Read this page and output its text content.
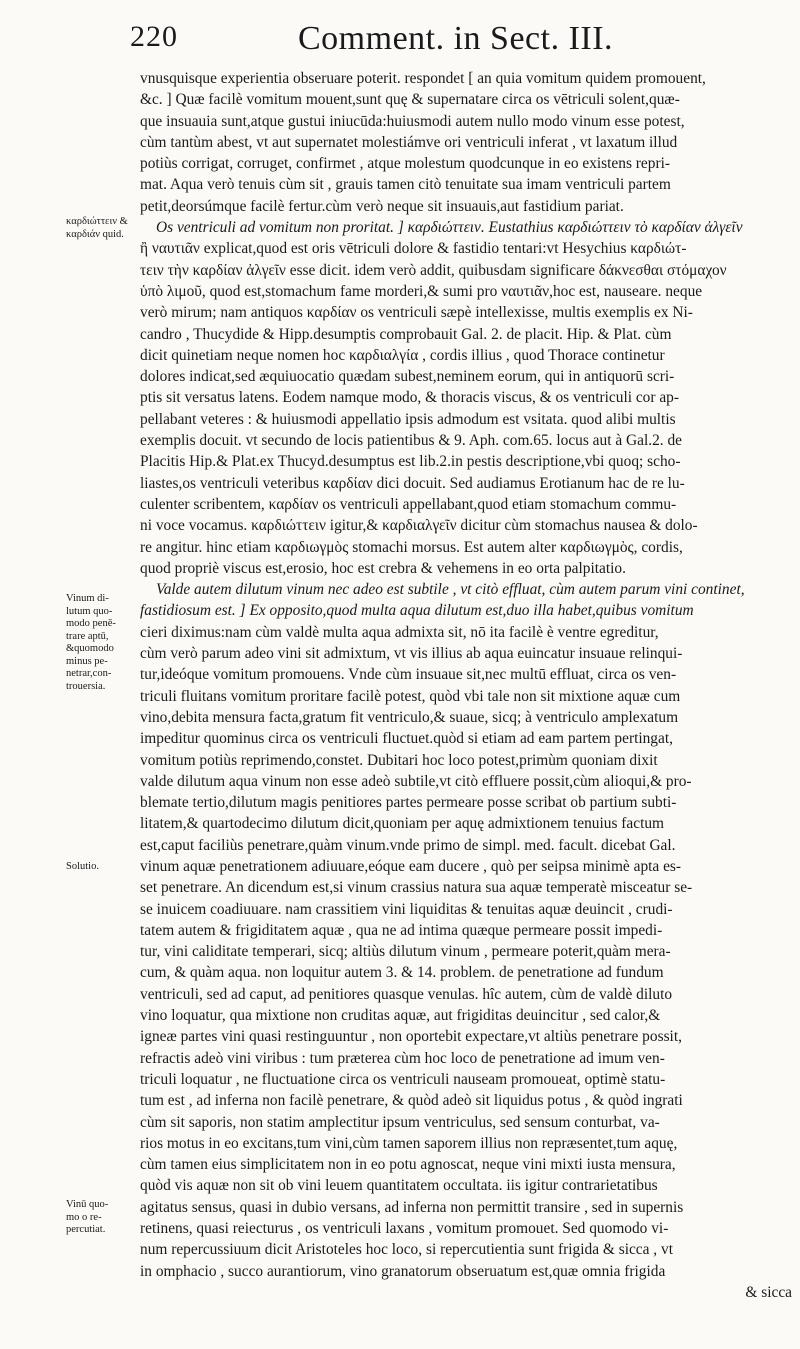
220	Comment. in Sect. III.
καρδιώττειν &
καρδιάν quid.
Vinum di-
lutum quo-
modo penē-
trare aptū,
&quomodo
minus pe-
netrar,con-
trouersia.
Solutio.
Vinū quo-
mo o re-
percutiat.
vnusquisque experientia obseruare poterit. respondet [ an quia vomitum quidem promouent,
&c. ] Quæ facilè vomitum mouent,sunt quę & supernatare circa os vētriculi solent,quæ-
que insuauia sunt,atque gustui iniucūda:huiusmodi autem nullo modo vinum esse potest,
cùm tantùm abest, vt aut supernatet molestiámve ori ventriculi inferat , vt laxatum illud
potiùs corrigat, corruget, confirmet , atque molestum quodcunque in eo existens repri-
mat. Aqua verò tenuis cùm sit , grauis tamen citò tenuitate sua imam ventriculi partem
petit,deorsúmque facilè fertur.cùm verò neque sit insuauis,aut fastidium pariat.
Os ventriculi ad vomitum non proritat. ] καρδιώττειν. Eustathius καρδιώττειν τὸ καρδίαν ἀλγεῖν
ἢ ναυτιᾶν explicat,quod est oris vētriculi dolore & fastidio tentari:vt Hesychius καρδιώτ-
τειν τὴν καρδίαν ἀλγεῖν esse dicit. idem verò addit, quibusdam significare δάκνεσθαι στόμαχον
ὑπὸ λιμοῦ, quod est,stomachum fame morderi,& sumi pro ναυτιᾶν,hoc est, nauseare. neque
verò mirum; nam antiquos καρδίαν os ventriculi sæpè intellexisse, multis exemplis ex Ni-
candro , Thucydide & Hipp.desumptis comprobauit Gal. 2. de placit. Hip. & Plat. cùm
dicit quinetiam neque nomen hoc καρδιαλγία , cordis illius , quod Thorace continetur
dolores indicat,sed æquiuocatio quædam subest,neminem eorum, qui in antiquorū scri-
ptis sit versatus latens. Eodem namque modo, & thoracis viscus, & os ventriculi cor ap-
pellabant veteres : & huiusmodi appellatio ipsis admodum est vsitata. quod alibi multis
exemplis docuit. vt secundo de locis patientibus & 9. Aph. com.65. locus aut à Gal.2. de
Placitis Hip.& Plat.ex Thucyd.desumptus est lib.2.in pestis descriptione,vbi quoq; scho-
liastes,os ventriculi veteribus καρδίαν dici docuit. Sed audiamus Erotianum hac de re lu-
culenter scribentem, καρδίαν os ventriculi appellabant,quod etiam stomachum commu-
ni voce vocamus. καρδιώττειν igitur,& καρδιαλγεῖν dicitur cùm stomachus nausea & dolo-
re angitur. hinc etiam καρδιωγμὸς stomachi morsus. Est autem alter καρδιωγμὸς, cordis,
quod propriè viscus est,erosio, hoc est crebra & vehemens in eo orta palpitatio.
Valde autem dilutum vinum nec adeo est subtile , vt citò effluat, cùm autem parum vini continet,
fastidiosum est. ] Ex opposito,quod multa aqua dilutum est,duo illa habet,quibus vomitum
cieri diximus:nam cùm valdè multa aqua admixta sit, nō ita facilè è ventre egreditur,
cùm verò parum adeo vini sit admixtum, vt vis illius ab aqua euincatur insuaue relinqui-
tur,ideóque vomitum promouens. Vnde cùm insuaue sit,nec multū effluat, circa os ven-
triculi fluitans vomitum proritare facilè potest, quòd vbi tale non sit mixtione aquæ cum
vino,debita mensura facta,gratum fit ventriculo,& suaue, sicq; à ventriculo amplexatum
impeditur quominus circa os ventriculi fluctuet.quòd si etiam ad eam partem pertingat,
vomitum potiùs reprimendo,constet. Dubitari hoc loco potest,primùm quoniam dixit
valde dilutum aqua vinum non esse adeò subtile,vt citò effluere possit,cùm alioqui,& pro-
blemate tertio,dilutum magis penitiores partes permeare posse scribat ob partium subti-
litatem,& quartodecimo dilutum dicit,quoniam per aquę admixtionem tenuius factum
est,caput faciliùs penetrare,quàm vinum.vnde primo de simpl. med. facult. dicebat Gal.
vinum aquæ penetrationem adiuuare,eóque eam ducere , quò per seipsa minimè apta es-
set penetrare. An dicendum est,si vinum crassius natura sua aquæ temperatè misceatur se-
se inuicem coadiuuare. nam crassitiem vini liquiditas & tenuitas aquæ deuincit , crudi-
tatem autem & frigiditatem aquæ , qua ne ad intima quæque permeare possit impedi-
tur, vini caliditate temperari, sicq; altiùs dilutum vinum , permeare poterit,quàm mera-
cum, & quàm aqua. non loquitur autem 3. & 14. problem. de penetratione ad fundum
ventriculi, sed ad caput, ad penitiores quasque venulas. hîc autem, cùm de valdè diluto
vino loquatur, qua mixtione non cruditas aquæ, aut frigiditas deuincitur , sed calor,&
igneæ partes vini quasi restinguuntur , non oportebit expectare,vt altiùs penetrare possit,
refractis adeò vini viribus : tum præterea cùm hoc loco de penetratione ad imum ven-
triculi loquatur , ne fluctuatione circa os ventriculi nauseam promoueat, optimè statu-
tum est , ad inferna non facilè penetrare, & quòd adeò sit liquidus potus , & quòd ingrati
cùm sit saporis, non statim amplectitur ipsum ventriculus, sed sensum conturbat, va-
rios motus in eo excitans,tum vini,cùm tamen saporem illius non repræsentet,tum aquę,
cùm tamen eius simplicitatem non in eo potu agnoscat, neque vini mixti iusta mensura,
quòd vis aquæ non sit ob vini leuem quantitatem occultata. iis igitur contrarietatibus
agitatus sensus, quasi in dubio versans, ad inferna non permittit transire , sed in supernis
retinens, quasi reiecturus , os ventriculi laxans , vomitum promouet. Sed quomodo vi-
num repercussiuum dicit Aristoteles hoc loco, si repercutientia sunt frigida & sicca , vt
in omphacio , succo aurantiorum, vino granatorum obseruatum est,quæ omnia frigida
& sicca
